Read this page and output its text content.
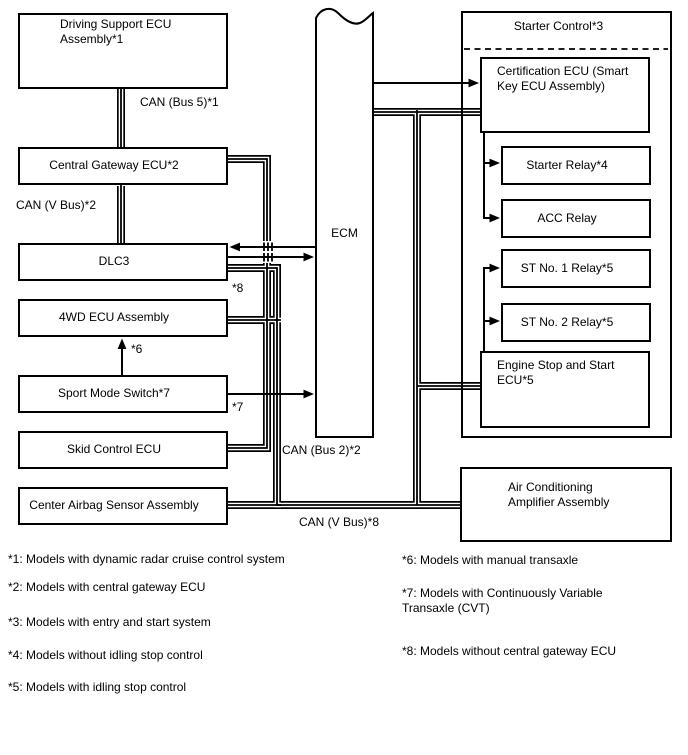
Starter Control*3
Driving Support ECU
Assembly*1
Central Gateway ECU*2
DLC3
4WD ECU Assembly
Sport Mode Switch*7
Skid Control ECU
Center Airbag Sensor Assembly
ECM
Certification ECU (Smart
Key ECU Assembly)
Starter Relay*4
ACC Relay
ST No. 1 Relay*5
ST No. 2 Relay*5
Engine Stop and Start
ECU*5
Air Conditioning
Amplifier Assembly
CAN (Bus 5)*1
CAN (V Bus)*2
*8
*6
*7
CAN (Bus 2)*2
CAN (V Bus)*8
*1: Models with dynamic radar cruise control system
*2: Models with central gateway ECU
*3: Models with entry and start system
*4: Models without idling stop control
*5: Models with idling stop control
*6: Models with manual transaxle
*7: Models with Continuously Variable Transaxle (CVT)
*8: Models without central gateway ECU
